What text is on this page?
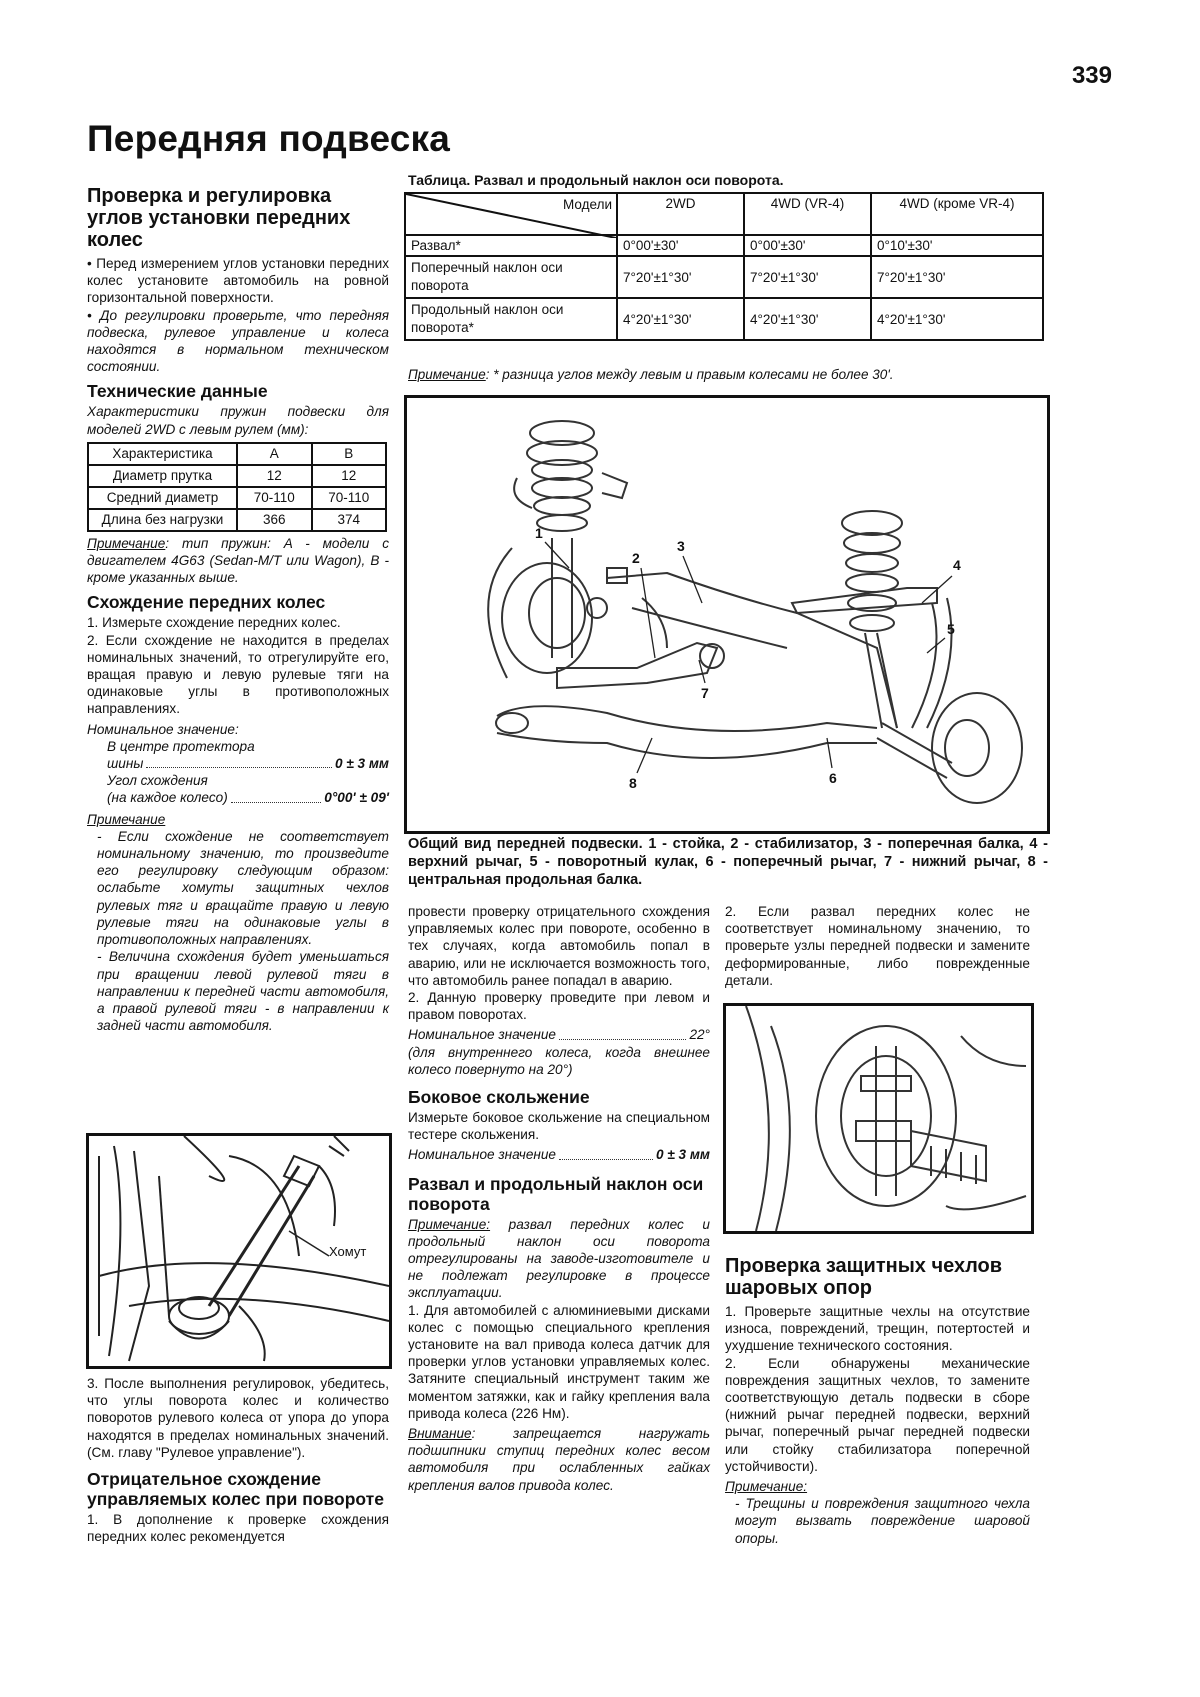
339
Передняя подвеска
Проверка и регулировка углов установки передних колес

• Перед измерением углов установки передних колес установите автомобиль на ровной горизонтальной поверхности.

• До регулировки проверьте, что передняя подвеска, рулевое управление и колеса находятся в нормальном техническом состоянии.

Технические данные

Характеристики пружин подвески для моделей 2WD с левым рулем (мм):

Характеристика	A	B
Диаметр прутка	12	12
Средний диаметр	70-110	70-110
Длина без нагрузки	366	374

Примечание: тип пружин: A - модели с двигателем 4G63 (Sedan-M/T или Wagon), B - кроме указанных выше.

Схождение передних колес

1. Измерьте схождение передних колес.

2. Если схождение не находится в пределах номинальных значений, то отрегулируйте его, вращая правую и левую рулевые тяги на одинаковые углы в противоположных направлениях.

Номинальное значение:

В центре протектора

шины	0 ± 3 мм

Угол схождения

(на каждое колесо)	0°00' ± 09'

Примечание

- Если схождение не соответствует номинальному значению, то произведите его регулировку следующим образом: ослабьте хомуты защитных чехлов рулевых тяг и вращайте правую и левую рулевые тяги на одинаковые углы в противоположных направлениях.

- Величина схождения будет уменьшаться при вращении левой рулевой тяги в направлении к передней части автомобиля, а правой рулевой тяги - в направлении к задней части автомобиля.

Хомут

3. После выполнения регулировок, убедитесь, что углы поворота колес и количество поворотов рулевого колеса от упора до упора находятся в пределах номинальных значений. (См. главу "Рулевое управление").

Отрицательное схождение управляемых колес при повороте

1. В дополнение к проверке схождения передних колес рекомендуется

Таблица. Развал и продольный наклон оси поворота.
Модели	2WD	4WD (VR-4)	4WD (кроме VR-4)
Развал*	0°00'±30'	0°00'±30'	0°10'±30'
Поперечный наклон оси поворота	7°20'±1°30'	7°20'±1°30'	7°20'±1°30'
Продольный наклон оси поворота*	4°20'±1°30'	4°20'±1°30'	4°20'±1°30'

Примечание: * разница углов между левым и правым колесами не более 30'.

1
2
3
4
5
6
7
8

Общий вид передней подвески. 1 - стойка, 2 - стабилизатор, 3 - поперечная балка, 4 - верхний рычаг, 5 - поворотный кулак, 6 - поперечный рычаг, 7 - нижний рычаг, 8 - центральная продольная балка.

провести проверку отрицательного схождения управляемых колес при повороте, особенно в тех случаях, когда автомобиль попал в аварию, или не исключается возможность того, что автомобиль ранее попадал в аварию.

2. Данную проверку проведите при левом и правом поворотах.

Номинальное значение	22°

(для внутреннего колеса, когда внешнее колесо повернуто на 20°)

Боковое скольжение

Измерьте боковое скольжение на специальном тестере скольжения.

Номинальное значение	0 ± 3 мм
Развал и продольный наклон оси поворота

Примечание: развал передних колес и продольный наклон оси поворота отрегулированы на заводе-изготовителе и не подлежат регулировке в процессе эксплуатации.

1. Для автомобилей с алюминиевыми дисками колес с помощью специального крепления установите на вал привода колеса датчик для проверки углов установки управляемых колес. Затяните специальный инструмент таким же моментом затяжки, как и гайку крепления вала привода колеса (226 Нм).

Внимание: запрещается нагружать подшипники ступиц передних колес весом автомобиля при ослабленных гайках крепления валов привода колес.

2. Если развал передних колес не соответствует номинальному значению, то проверьте узлы передней подвески и замените деформированные, либо поврежденные детали.

Проверка защитных чехлов шаровых опор

1. Проверьте защитные чехлы на отсутствие износа, повреждений, трещин, потертостей и ухудшение технического состояния.

2. Если обнаружены механические повреждения защитных чехлов, то замените соответствующую деталь подвески в сборе (нижний рычаг передней подвески, верхний рычаг, поперечный рычаг передней подвески или стойку стабилизатора поперечной устойчивости).

Примечание:

- Трещины и повреждения защитного чехла могут вызвать повреждение шаровой опоры.
